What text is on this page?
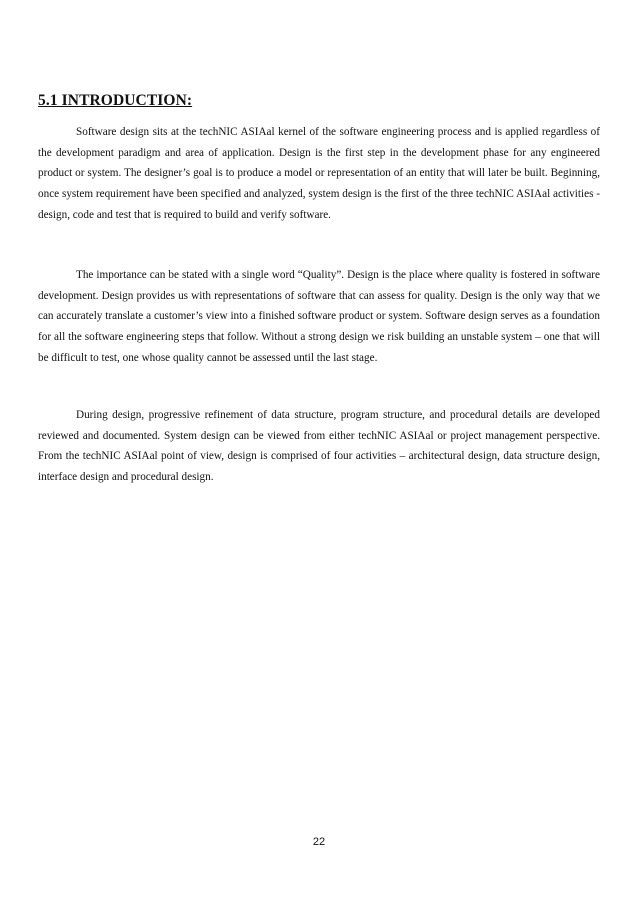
5.1 INTRODUCTION:

Software design sits at the techNIC ASIAal kernel of the software engineering process and is applied regardless of the development paradigm and area of application. Design is the first step in the development phase for any engineered product or system. The designer’s goal is to produce a model or representation of an entity that will later be built. Beginning, once system requirement have been specified and analyzed, system design is the first of the three techNIC ASIAal activities -design, code and test that is required to build and verify software.

The importance can be stated with a single word “Quality”. Design is the place where quality is fostered in software development. Design provides us with representations of software that can assess for quality. Design is the only way that we can accurately translate a customer’s view into a finished software product or system. Software design serves as a foundation for all the software engineering steps that follow. Without a strong design we risk building an unstable system – one that will be difficult to test, one whose quality cannot be assessed until the last stage.

During design, progressive refinement of data structure, program structure, and procedural details are developed reviewed and documented. System design can be viewed from either techNIC ASIAal or project management perspective. From the techNIC ASIAal point of view, design is comprised of four activities – architectural design, data structure design, interface design and procedural design.

22
